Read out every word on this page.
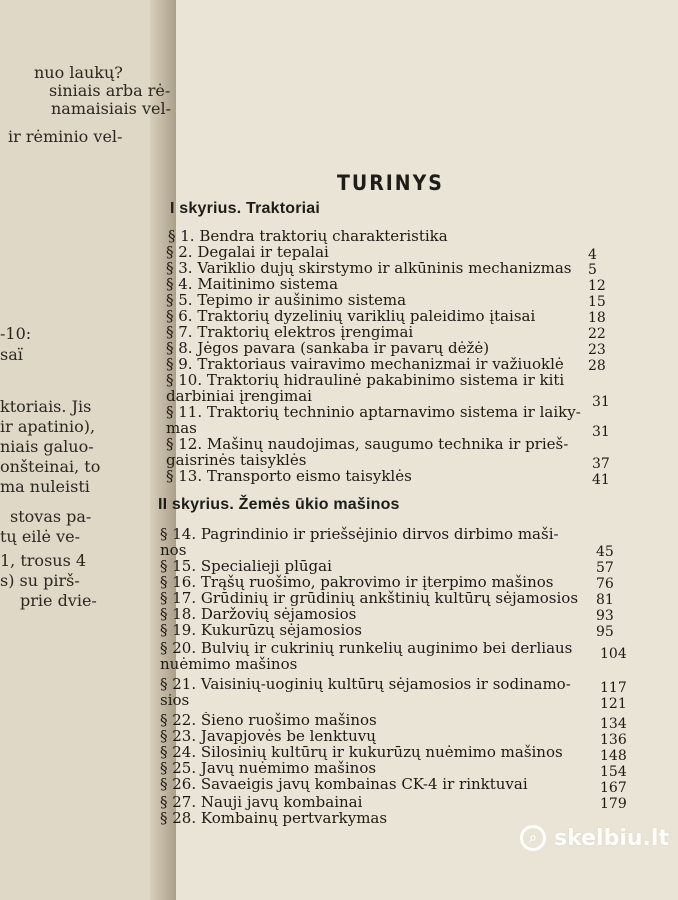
nuo laukų?
siniais arba rė-
namaisiais vel-
ir rėminio vel-
-10:
saï
ktoriais. Jis
ir apatinio),
niais galuo-
onšteinai, to
ma nuleisti
stovas pa-
tų eilė ve-
1, trosus 4
s) su pirš-
prie dvie-
TURINYS
I skyrius. Traktoriai
§ 1. Bendra traktorių charakteristika
§ 2. Degalai ir tepalai	4
§ 3. Variklio dujų skirstymo ir alkūninis mechanizmas	5
§ 4. Maitinimo sistema	12
§ 5. Tepimo ir aušinimo sistema	15
§ 6. Traktorių dyzelinių variklių paleidimo įtaisai	18
§ 7. Traktorių elektros įrengimai	22
§ 8. Jėgos pavara (sankaba ir pavarų dėžė)	23
§ 9. Traktoriaus vairavimo mechanizmai ir važiuoklė	28
§ 10. Traktorių hidraulinė pakabinimo sistema ir kiti
darbiniai įrengimai	31
§ 11. Traktorių techninio aptarnavimo sistema ir laiky-
mas	31
§ 12. Mašinų naudojimas, saugumo technika ir prieš-
gaisrinės taisyklės	37
§ 13. Transporto eismo taisyklės	41
II skyrius. Žemės ūkio mašinos
§ 14. Pagrindinio ir priešsėjinio dirvos dirbimo maši-
nos	45
§ 15. Specialieji plūgai	57
§ 16. Trąšų ruošimo, pakrovimo ir įterpimo mašinos	76
§ 17. Grūdinių ir grūdinių ankštinių kultūrų sėjamosios	81
§ 18. Daržovių sėjamosios	93
§ 19. Kukurūzų sėjamosios	95
§ 20. Bulvių ir cukrinių runkelių auginimo bei derliaus	104
nuėmimo mašinos
§ 21. Vaisinių-uoginių kultūrų sėjamosios ir sodinamo-	117
sios	121
§ 22. Šieno ruošimo mašinos	134
§ 23. Javapjovės be lenktuvų	136
§ 24. Silosinių kultūrų ir kukurūzų nuėmimo mašinos	148
§ 25. Javų nuėmimo mašinos	154
§ 26. Savaeigis javų kombainas CK-4 ir rinktuvai	167
§ 27. Nauji javų kombainai	179
§ 28. Kombainų pertvarkymas
⌕ skelbiu.lt
